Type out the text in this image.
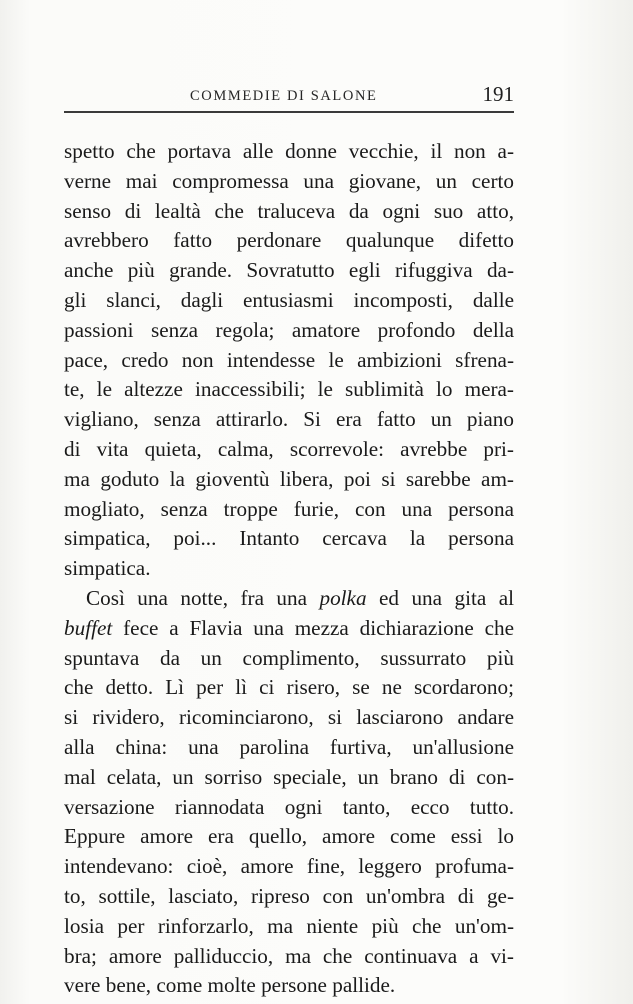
COMMEDIE DI SALONE	191
spetto che portava alle donne vecchie, il non a-
verne mai compromessa una giovane, un certo
senso di lealtà che traluceva da ogni suo atto,
avrebbero fatto perdonare qualunque difetto
anche più grande. Sovratutto egli rifuggiva da-
gli slanci, dagli entusiasmi incomposti, dalle
passioni senza regola; amatore profondo della
pace, credo non intendesse le ambizioni sfrena-
te, le altezze inaccessibili; le sublimità lo mera-
vigliano, senza attirarlo. Si era fatto un piano
di vita quieta, calma, scorrevole: avrebbe pri-
ma goduto la gioventù libera, poi si sarebbe am-
mogliato, senza troppe furie, con una persona
simpatica, poi... Intanto cercava la persona
simpatica.
Così una notte, fra una polka ed una gita al
buffet fece a Flavia una mezza dichiarazione che
spuntava da un complimento, sussurrato più
che detto. Lì per lì ci risero, se ne scordarono;
si rividero, ricominciarono, si lasciarono andare
alla china: una parolina furtiva, un'allusione
mal celata, un sorriso speciale, un brano di con-
versazione riannodata ogni tanto, ecco tutto.
Eppure amore era quello, amore come essi lo
intendevano: cioè, amore fine, leggero profuma-
to, sottile, lasciato, ripreso con un'ombra di ge-
losia per rinforzarlo, ma niente più che un'om-
bra; amore palliduccio, ma che continuava a vi-
vere bene, come molte persone pallide.
